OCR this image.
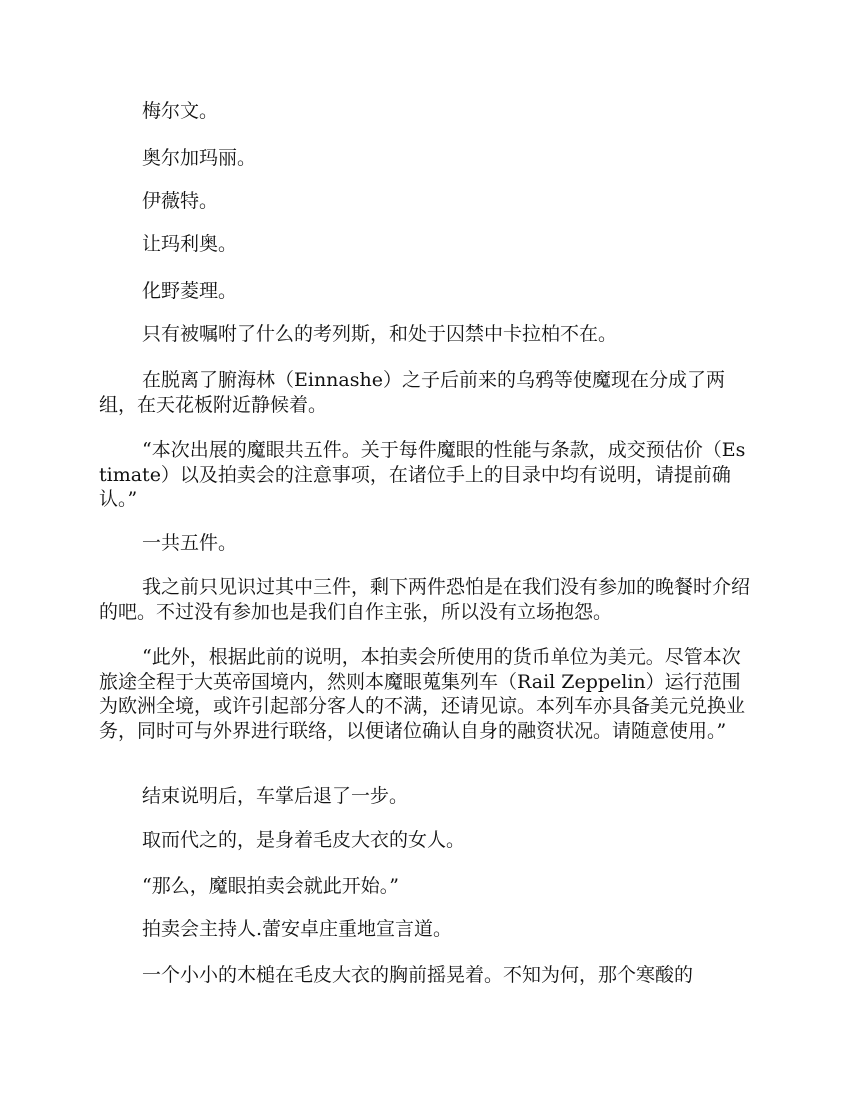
梅尔文。

奥尔加玛丽。

伊薇特。

让玛利奥。

化野菱理。

只有被嘱咐了什么的考列斯，和处于囚禁中卡拉柏不在。

在脱离了腑海林（Einnashe）之子后前来的乌鸦等使魔现在分成了两组，在天花板附近静候着。

“本次出展的魔眼共五件。关于每件魔眼的性能与条款，成交预估价（Estimate）以及拍卖会的注意事项，在诸位手上的目录中均有说明，请提前确认。”

一共五件。

我之前只见识过其中三件，剩下两件恐怕是在我们没有参加的晚餐时介绍的吧。不过没有参加也是我们自作主张，所以没有立场抱怨。

“此外，根据此前的说明，本拍卖会所使用的货币单位为美元。尽管本次旅途全程于大英帝国境内，然则本魔眼蒐集列车（Rail Zeppelin）运行范围为欧洲全境，或许引起部分客人的不满，还请见谅。本列车亦具备美元兑换业务，同时可与外界进行联络，以便诸位确认自身的融资状况。请随意使用。”

结束说明后，车掌后退了一步。

取而代之的，是身着毛皮大衣的女人。

“那么，魔眼拍卖会就此开始。”

拍卖会主持人.蕾安卓庄重地宣言道。

一个小小的木槌在毛皮大衣的胸前摇晃着。不知为何，那个寒酸的
